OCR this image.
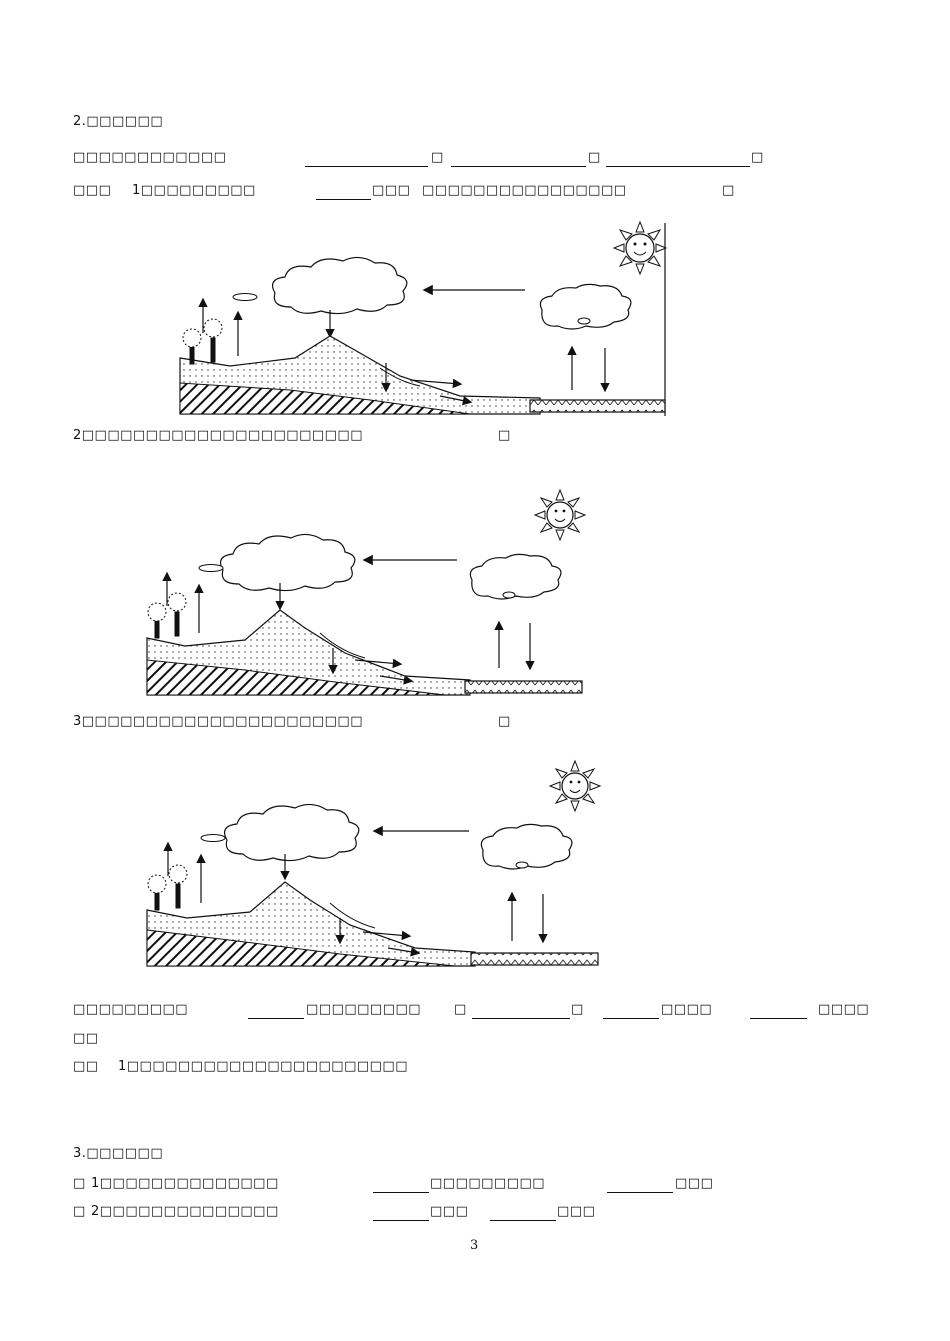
2.□□□□□□
□□□□□□□□□□□□	□	□	□
□□□ 1□□□□□□□□□	□□□ □□□□□□□□□□□□□□□□	□
2□□□□□□□□□□□□□□□□□□□□□□	□
3□□□□□□□□□□□□□□□□□□□□□□	□
□□□□□□□□□	□□□□□□□□□	□	□	□□□□	□□□□
□□
□□ 1□□□□□□□□□□□□□□□□□□□□□□
3.□□□□□□
□ 1□□□□□□□□□□□□□□	□□□□□□□□□	□□□
□ 2□□□□□□□□□□□□□□	□□□	□□□
3
